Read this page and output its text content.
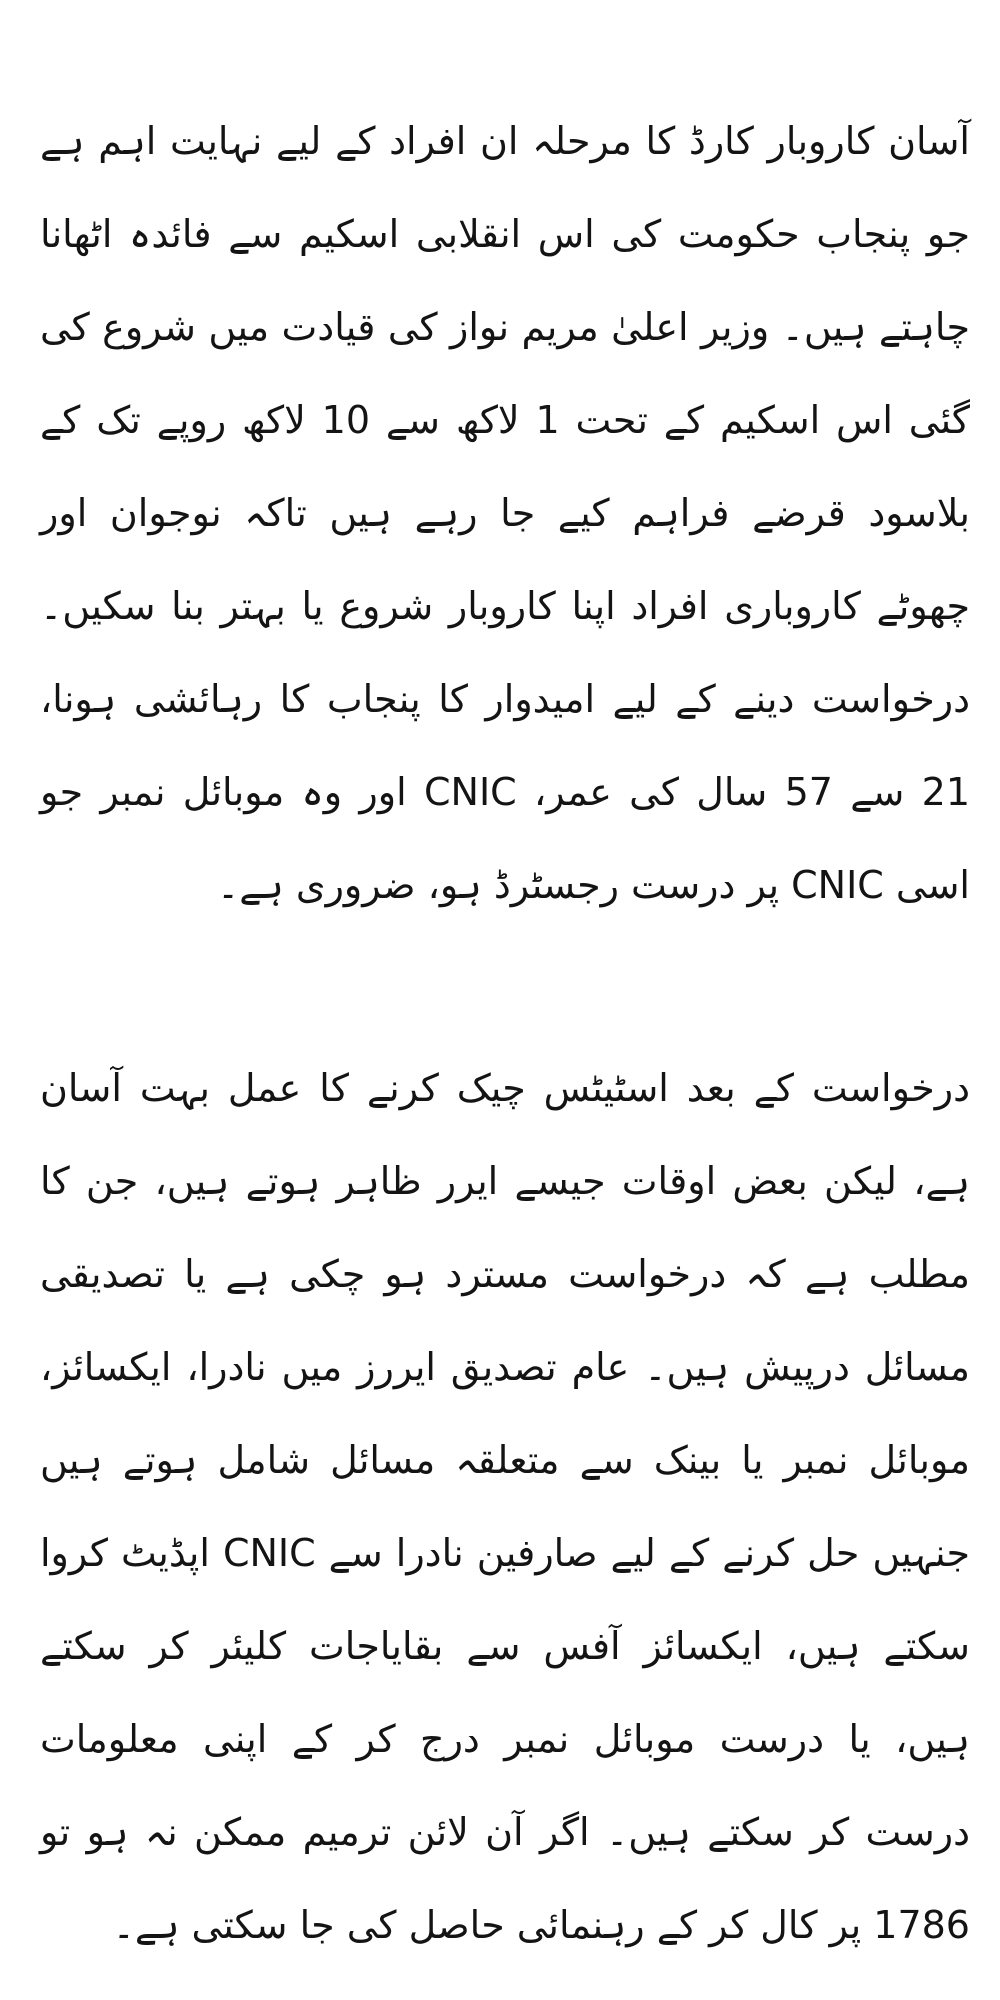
آسان کاروبار کارڈ کا مرحلہ ان افراد کے لیے نہایت اہم ہے جو پنجاب حکومت کی اس انقلابی اسکیم سے فائدہ اٹھانا چاہتے ہیں۔ وزیر اعلیٰ مریم نواز کی قیادت میں شروع کی گئی اس اسکیم کے تحت 1 لاکھ سے 10 لاکھ روپے تک کے بلاسود قرضے فراہم کیے جا رہے ہیں تاکہ نوجوان اور چھوٹے کاروباری افراد اپنا کاروبار شروع یا بہتر بنا سکیں۔ درخواست دینے کے لیے امیدوار کا پنجاب کا رہائشی ہونا، 21 سے 57 سال کی عمر، CNIC اور وہ موبائل نمبر جو اسی CNIC پر درست رجسٹرڈ ہو، ضروری ہے۔

درخواست کے بعد اسٹیٹس چیک کرنے کا عمل بہت آسان ہے، لیکن بعض اوقات جیسے ایرر ظاہر ہوتے ہیں، جن کا مطلب ہے کہ درخواست مسترد ہو چکی ہے یا تصدیقی مسائل درپیش ہیں۔ عام تصدیق ایررز میں نادرا، ایکسائز، موبائل نمبر یا بینک سے متعلقہ مسائل شامل ہوتے ہیں جنہیں حل کرنے کے لیے صارفین نادرا سے CNIC اپڈیٹ کروا سکتے ہیں، ایکسائز آفس سے بقایاجات کلیئر کر سکتے ہیں، یا درست موبائل نمبر درج کر کے اپنی معلومات درست کر سکتے ہیں۔ اگر آن لائن ترمیم ممکن نہ ہو تو 1786 پر کال کر کے رہنمائی حاصل کی جا سکتی ہے۔
